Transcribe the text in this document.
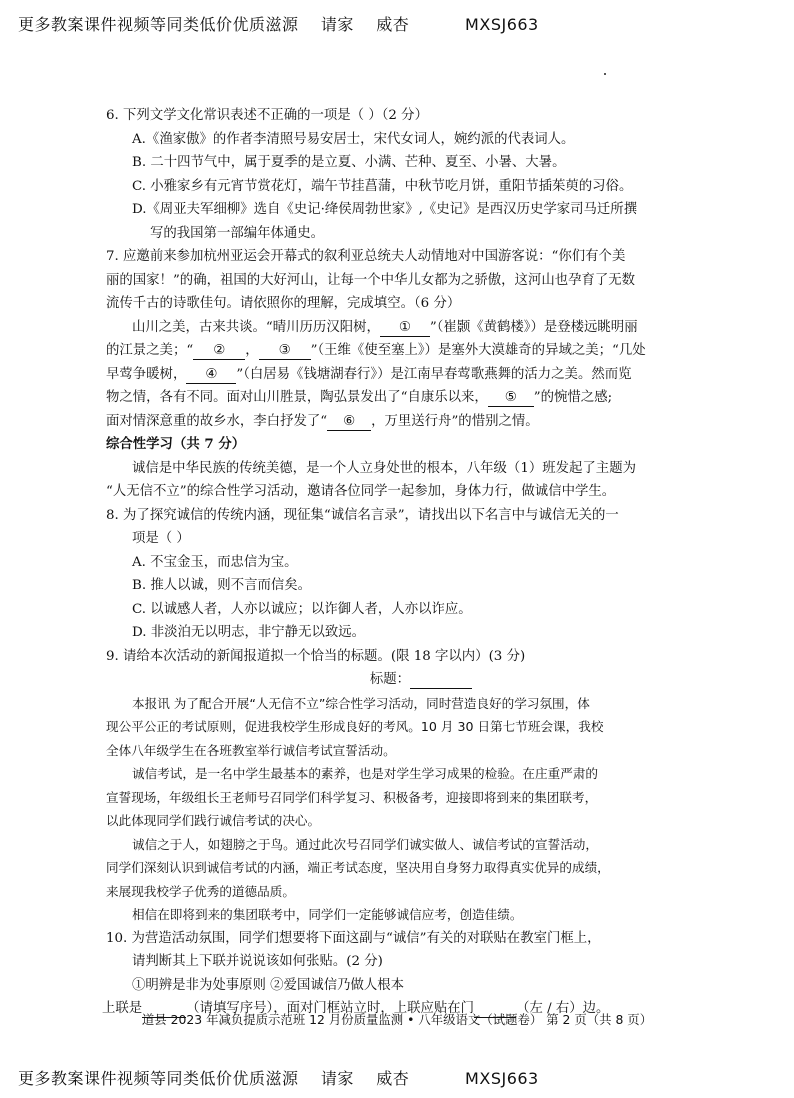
更多教案课件视频等同类低价优质滋源    请家    威杏          MXSJ663
6. 下列文学文化常识表述不正确的一项是（ ）（2 分）
A.《渔家傲》的作者李清照号易安居士，宋代女词人，婉约派的代表词人。
B. 二十四节气中，属于夏季的是立夏、小满、芒种、夏至、小暑、大暑。
C. 小雅家乡有元宵节赏花灯，端午节挂菖蒲，中秋节吃月饼，重阳节插茱萸的习俗。
D.《周亚夫军细柳》选自《史记·绛侯周勃世家》,《史记》是西汉历史学家司马迁所撰
写的我国第一部编年体通史。
7. 应邀前来参加杭州亚运会开幕式的叙利亚总统夫人动情地对中国游客说：“你们有个美
丽的国家！”的确，祖国的大好河山，让每一个中华儿女都为之骄傲，这河山也孕育了无数
流传千古的诗歌佳句。请依照你的理解，完成填空。（6 分）
山川之美，古来共谈。“晴川历历汉阳树， ① ”（崔颢《黄鹤楼》）是登楼远眺明丽
的江景之美；“ ② ， ③ ”（王维《使至塞上》）是塞外大漠雄奇的异域之美；“几处
早莺争暖树， ④ ”（白居易《钱塘湖春行》）是江南早春莺歌燕舞的活力之美。然而览
物之情，各有不同。面对山川胜景，陶弘景发出了“自康乐以来， ⑤ ”的惋惜之感;
面对情深意重的故乡水，李白抒发了“ ⑥ ，万里送行舟”的惜别之情。
综合性学习（共 7 分）
诚信是中华民族的传统美德，是一个人立身处世的根本，八年级（1）班发起了主题为
“人无信不立”的综合性学习活动，邀请各位同学一起参加，身体力行，做诚信中学生。
8. 为了探究诚信的传统内涵，现征集“诚信名言录”，请找出以下名言中与诚信无关的一
项是（ ）
A. 不宝金玉，而忠信为宝。
B. 推人以诚，则不言而信矣。
C. 以诚感人者，人亦以诚应；以诈御人者，人亦以诈应。
D. 非淡泊无以明志，非宁静无以致远。
9. 请给本次活动的新闻报道拟一个恰当的标题。(限 18 字以内）(3 分)
标题：
本报讯 为了配合开展“人无信不立”综合性学习活动，同时营造良好的学习氛围，体
现公平公正的考试原则，促进我校学生形成良好的考风。10 月 30 日第七节班会课，我校
全体八年级学生在各班教室举行诚信考试宣誓活动。
诚信考试，是一名中学生最基本的素养，也是对学生学习成果的检验。在庄重严肃的
宣誓现场，年级组长王老师号召同学们科学复习、积极备考，迎接即将到来的集团联考，
以此体现同学们践行诚信考试的决心。
诚信之于人，如翅膀之于鸟。通过此次号召同学们诚实做人、诚信考试的宣誓活动，
同学们深刻认识到诚信考试的内涵，端正考试态度，坚决用自身努力取得真实优异的成绩，
来展现我校学子优秀的道德品质。
相信在即将到来的集团联考中，同学们一定能够诚信应考，创造佳绩。
10. 为营造活动氛围，同学们想要将下面这副与“诚信”有关的对联贴在教室门框上，
请判断其上下联并说说该如何张贴。(2 分)
①明辨是非为处事原则 ②爱国诚信乃做人根本
上联是	（请填写序号），面对门框站立时，上联应贴在门	（左 / 右）边。
道县 2023 年减负提质示范班 12 月份质量监测 • 八年级语文（试题卷） 第 2 页（共 8 页）
更多教案课件视频等同类低价优质滋源    请家    威杏          MXSJ663
